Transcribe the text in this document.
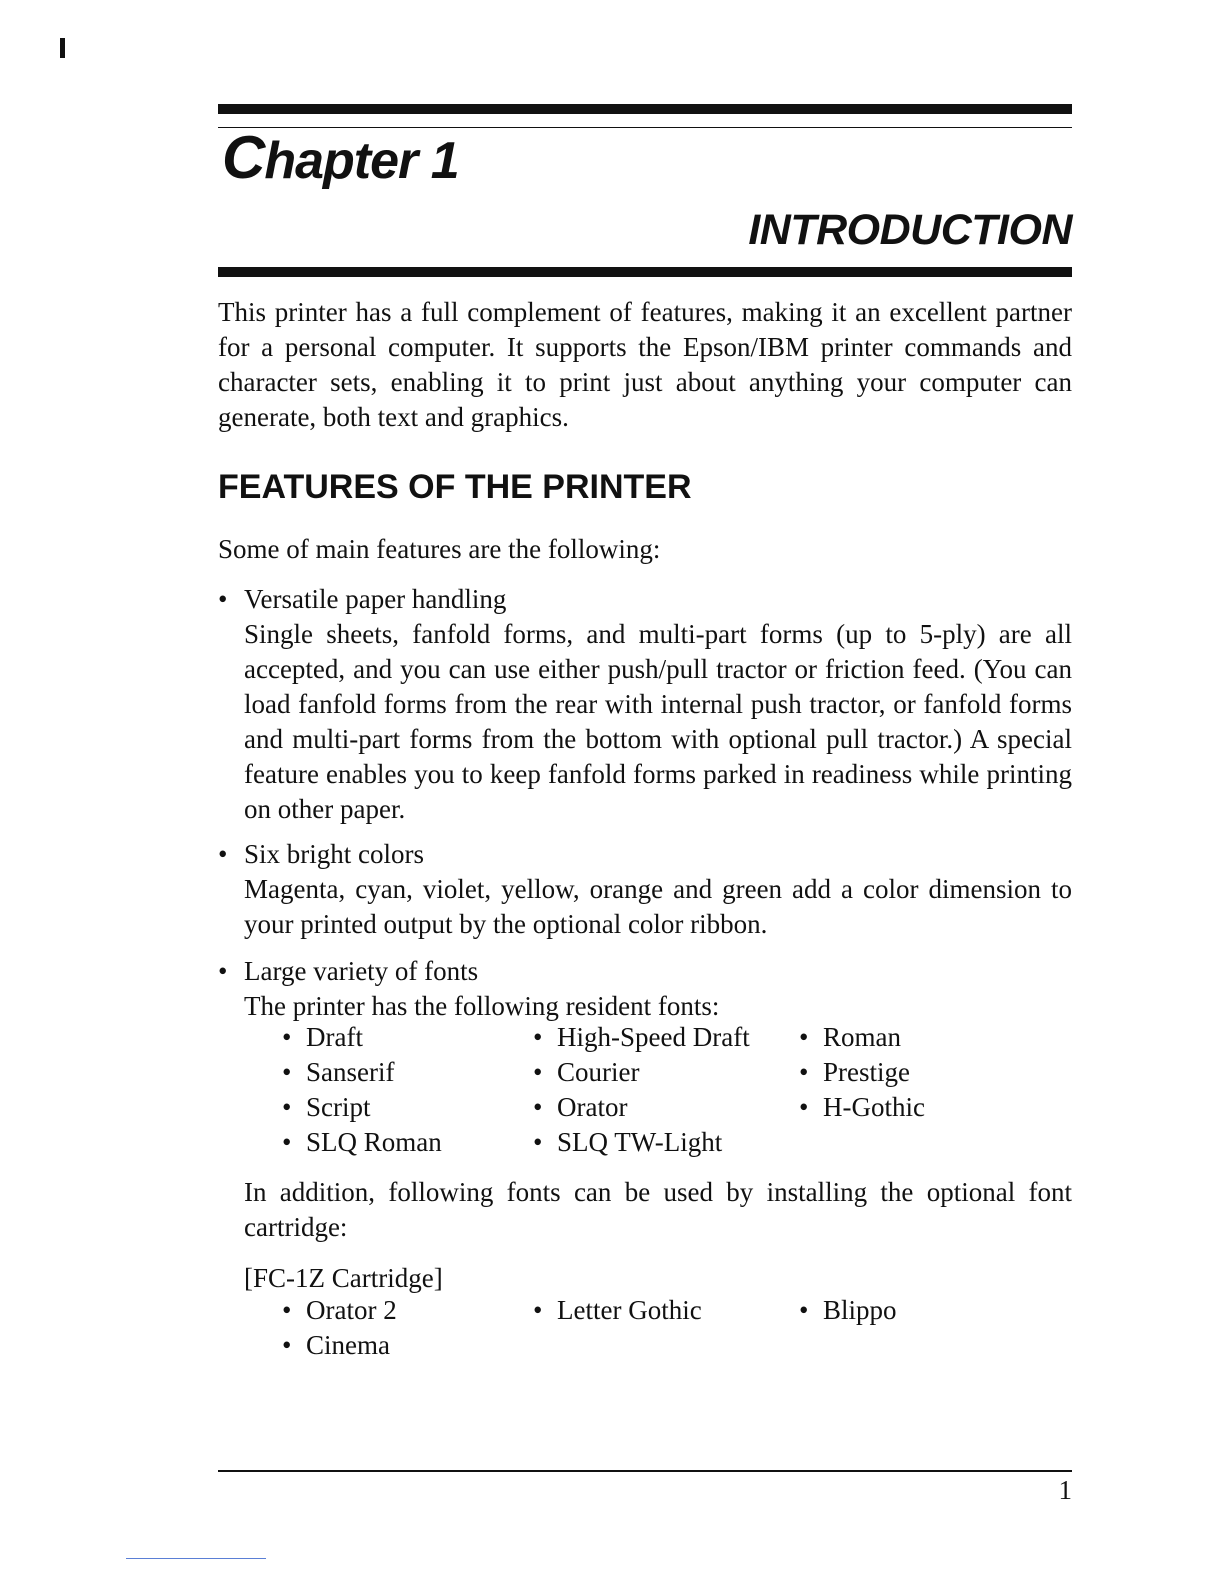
Chapter 1
INTRODUCTION

This printer has a full complement of features, making it an excellent partner for a personal computer. It supports the Epson/IBM printer commands and character sets, enabling it to print just about anything your computer can generate, both text and graphics.

FEATURES OF THE PRINTER

Some of main features are the following:

• Versatile paper handling

Single sheets, fanfold forms, and multi-part forms (up to 5-ply) are all accepted, and you can use either push/pull tractor or friction feed. (You can load fanfold forms from the rear with internal push tractor, or fanfold forms and multi-part forms from the bottom with optional pull tractor.) A special feature enables you to keep fanfold forms parked in readiness while printing on other paper.

• Six bright colors

Magenta, cyan, violet, yellow, orange and green add a color dimension to your printed output by the optional color ribbon.

• Large variety of fonts

The printer has the following resident fonts:

• Draft	• High-Speed Draft • Roman
• Sanserif	• Courier	• Prestige
• Script	• Orator	• H-Gothic
• SLQ Roman	• SLQ TW-Light

In addition, following fonts can be used by installing the optional font cartridge:

[FC-1Z Cartridge]
• Orator 2	• Letter Gothic	• Blippo
• Cinema
1
